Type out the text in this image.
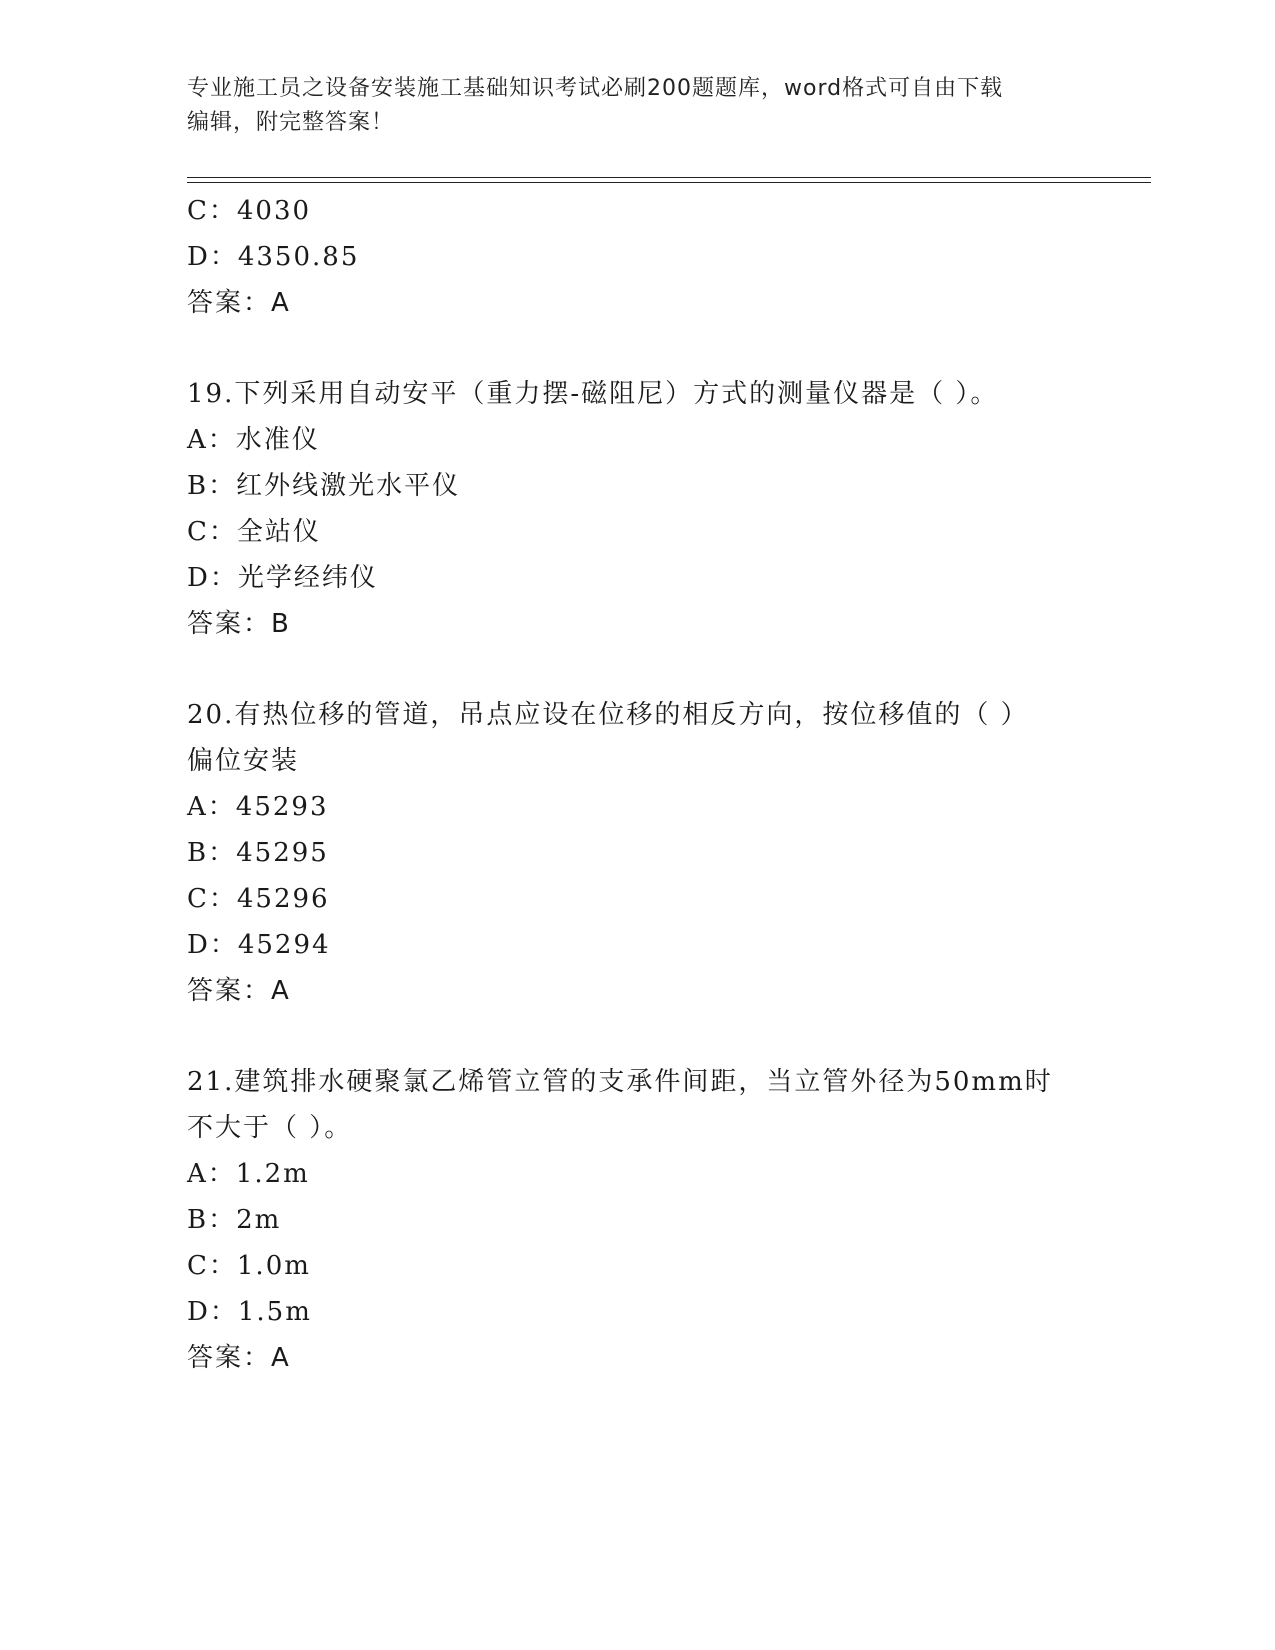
专业施工员之设备安装施工基础知识考试必刷200题题库，word格式可自由下载
编辑，附完整答案！
C：4030
D：4350.85
答案：A
19.下列采用自动安平（重力摆-磁阻尼）方式的测量仪器是（ ）。
A：水准仪
B：红外线激光水平仪
C：全站仪
D：光学经纬仪
答案：B
20.有热位移的管道，吊点应设在位移的相反方向，按位移值的（ ）
偏位安装
A：45293
B：45295
C：45296
D：45294
答案：A
21.建筑排水硬聚氯乙烯管立管的支承件间距，当立管外径为50mm时
不大于（ ）。
A：1.2m
B：2m
C：1.0m
D：1.5m
答案：A
